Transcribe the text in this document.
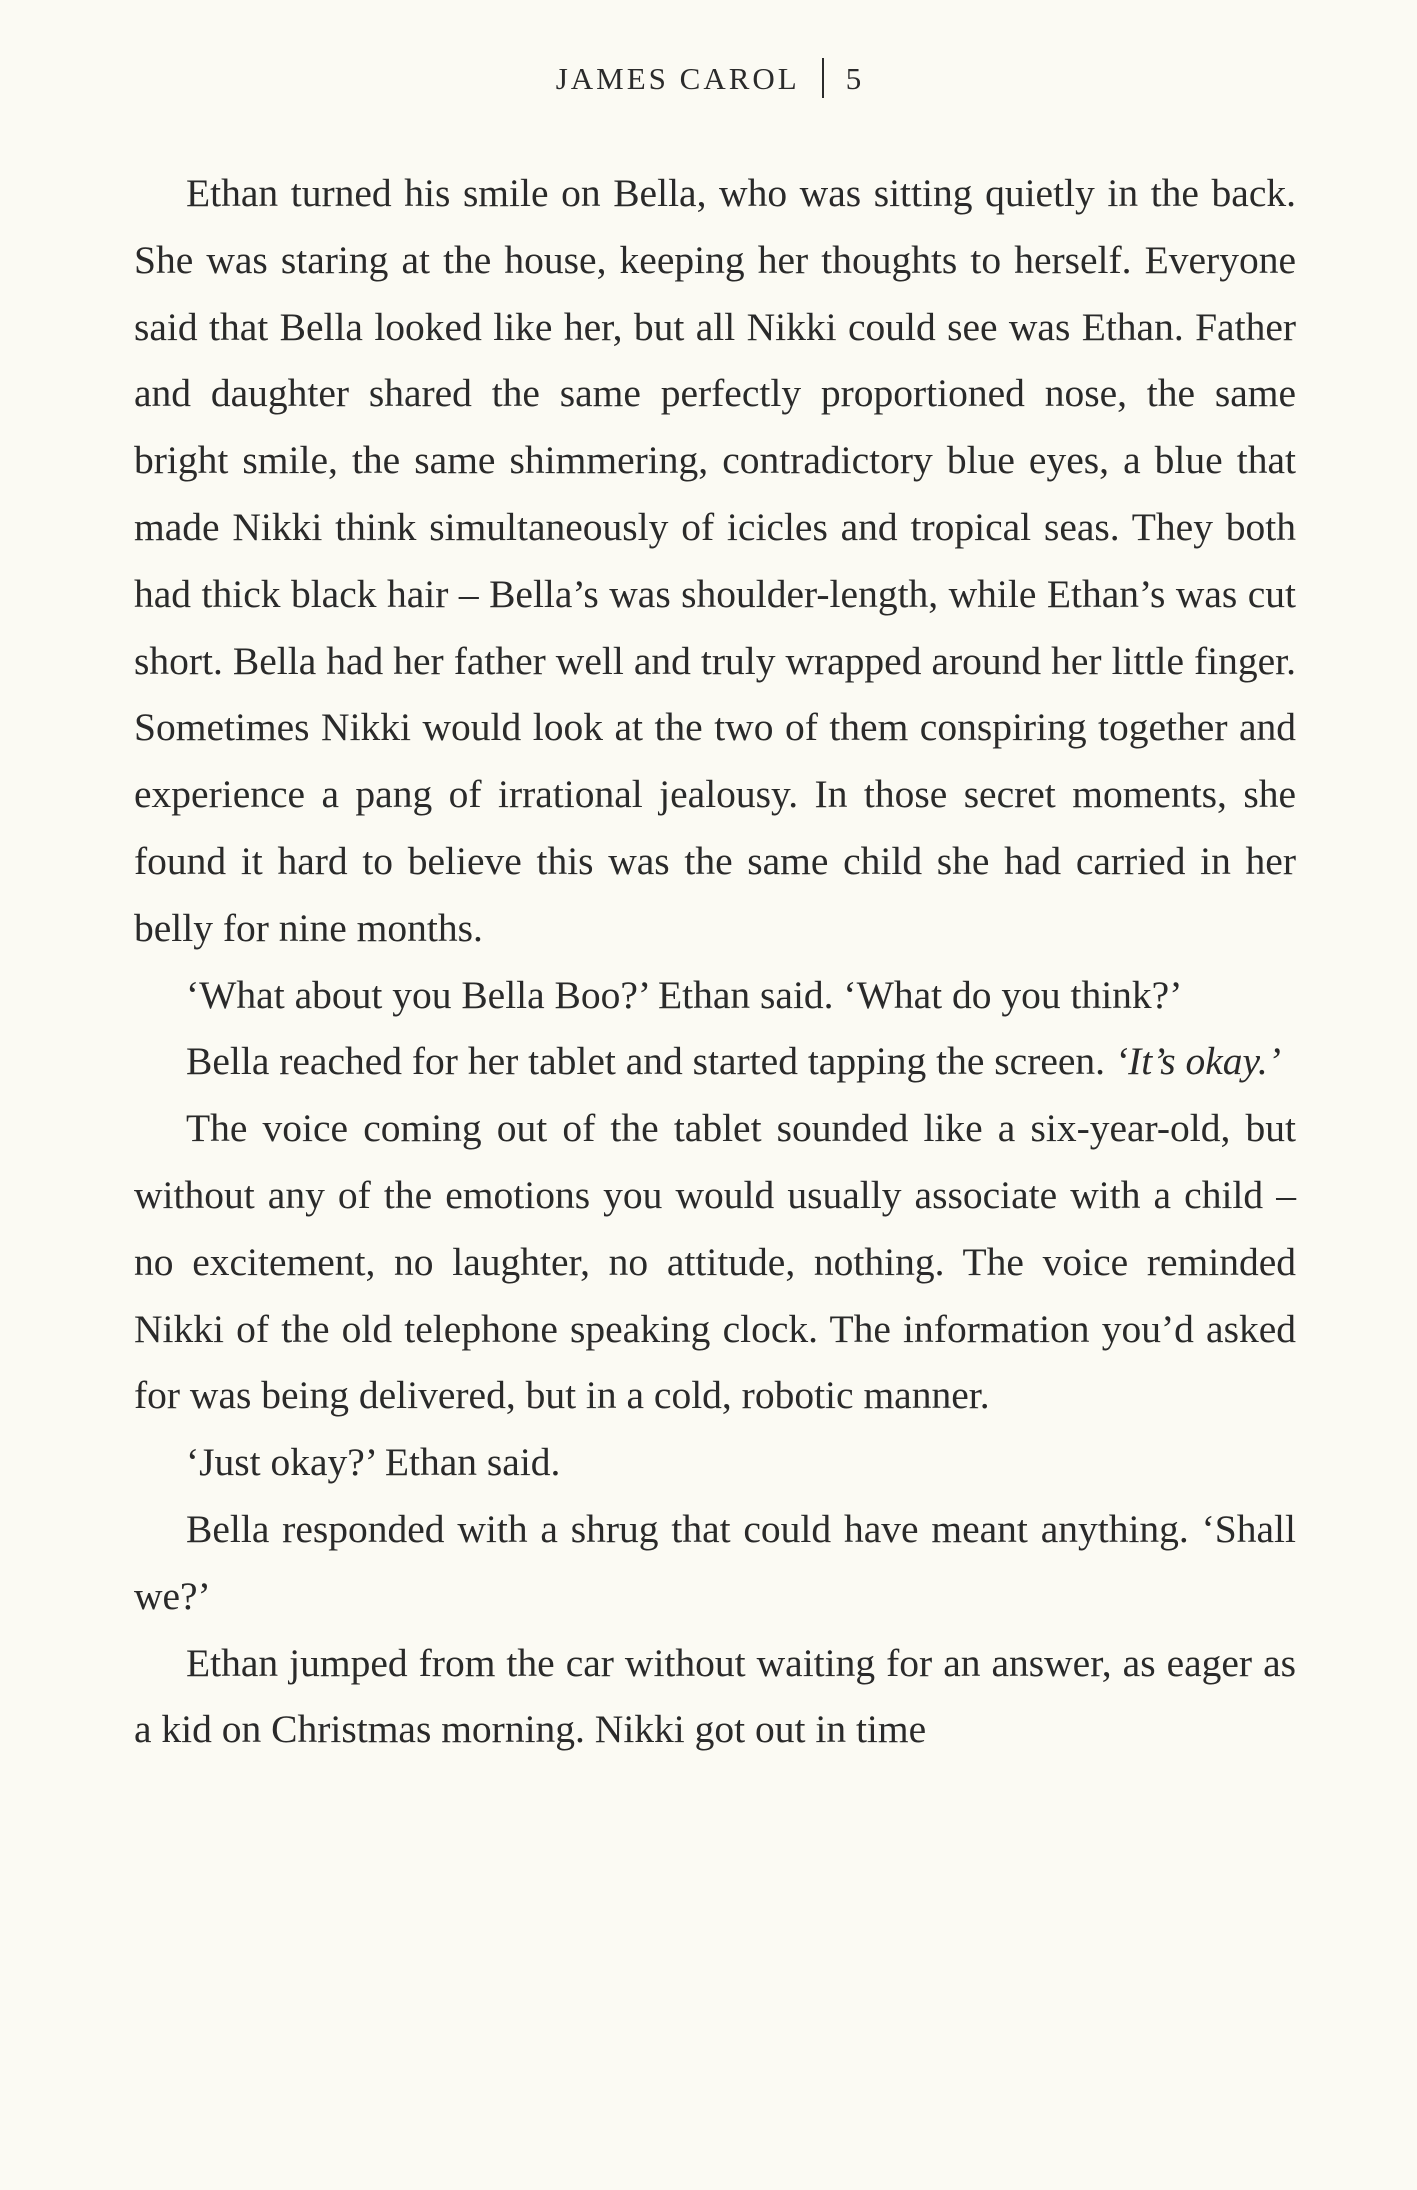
JAMES CAROL 5

Ethan turned his smile on Bella, who was sitting quietly in the back. She was staring at the house, keeping her thoughts to herself. Everyone said that Bella looked like her, but all Nikki could see was Ethan. Father and daughter shared the same perfectly proportioned nose, the same bright smile, the same shimmering, contradictory blue eyes, a blue that made Nikki think simultaneously of icicles and tropical seas. They both had thick black hair – Bella’s was shoulder-length, while Ethan’s was cut short. Bella had her father well and truly wrapped around her little finger. Sometimes Nikki would look at the two of them conspiring together and experience a pang of irrational jealousy. In those secret moments, she found it hard to believe this was the same child she had carried in her belly for nine months.

‘What about you Bella Boo?’ Ethan said. ‘What do you think?’

Bella reached for her tablet and started tapping the screen. ‘It’s okay.’

The voice coming out of the tablet sounded like a six-year-old, but without any of the emotions you would usually associate with a child – no excitement, no laughter, no attitude, nothing. The voice reminded Nikki of the old telephone speaking clock. The information you’d asked for was being delivered, but in a cold, robotic manner.

‘Just okay?’ Ethan said.

Bella responded with a shrug that could have meant anything. ‘Shall we?’

Ethan jumped from the car without waiting for an answer, as eager as a kid on Christmas morning. Nikki got out in time
